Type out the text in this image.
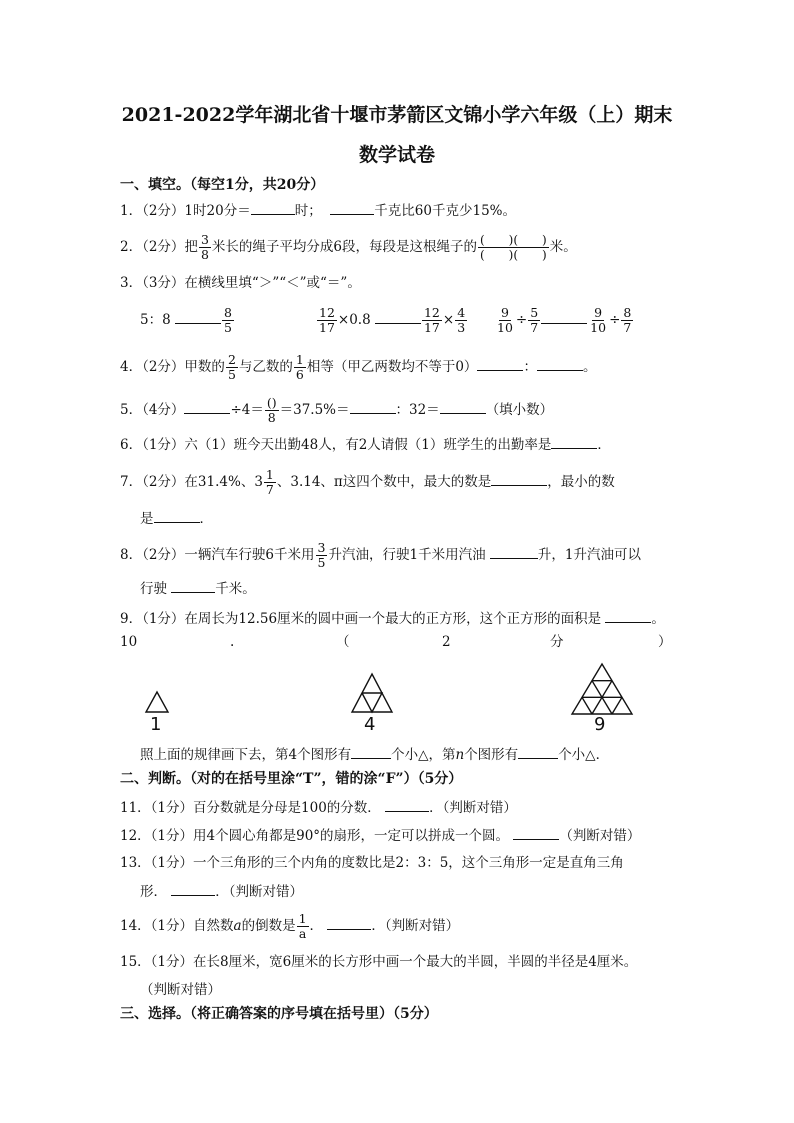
2021-2022学年湖北省十堰市茅箭区文锦小学六年级（上）期末
数学试卷
一、填空。（每空1分，共20分）
1．（2分）1时20分＝	时；	千克比60千克少15%。
2．（2分）把 $\frac{3}{8}$ 米长的绳子平均分成6段，每段是这根绳子的 $\frac{( )( )}{( )( )}$ 米。
3．（3分）在横线里填“＞”“＜”或“＝”。
5：8	$\frac{8}{5}$	$\frac{12}{17} \times 0.8$	$\frac{12}{17} \times \frac{4}{3} \frac{9}{10} \div \frac{5}{7}$	$\frac{9}{10} \div \frac{8}{7}$
4．（2分）甲数的 $\frac{2}{5}$ 与乙数的 $\frac{1}{6}$ 相等（甲乙两数均不等于0）	：	。
5．（4分）	$\div 4= \frac{()}{8} =37.5\%=$	：32＝	（填小数）
6．（1分）六（1）班今天出勤48人，有2人请假（1）班学生的出勤率是	．
7．（2分）在31.4%、$3 \frac{1}{7}$ 、3.14、π这四个数中，最大的数是	，最小的数
是	．
8．（2分）一辆汽车行驶6千米用 $\frac{3}{5}$ 升汽油，行驶1千米用汽油	升，1升汽油可以
行驶	千米。
9．（1分）在周长为12.56厘米的圆中画一个最大的正方形，这个正方形的面积是	。
10	.	（	2	分	）
1	4	9
照上面的规律画下去，第4个图形有	个小△，第n个图形有	个小△．
二、判断。（对的在括号里涂“T”，错的涂“F”）（5分）
11．（1分）百分数就是分母是100的分数．	．（判断对错）
12．（1分）用4个圆心角都是90°的扇形，一定可以拼成一个圆。	（判断对错）
13．（1分）一个三角形的三个内角的度数比是2：3：5，这个三角形一定是直角三角
形．	．（判断对错）
14．（1分）自然数a的倒数是 $\frac{1}{a}$ ．	．（判断对错）
15．（1分）在长8厘米，宽6厘米的长方形中画一个最大的半圆，半圆的半径是4厘米。
（判断对错）
三、选择。（将正确答案的序号填在括号里）（5分）
